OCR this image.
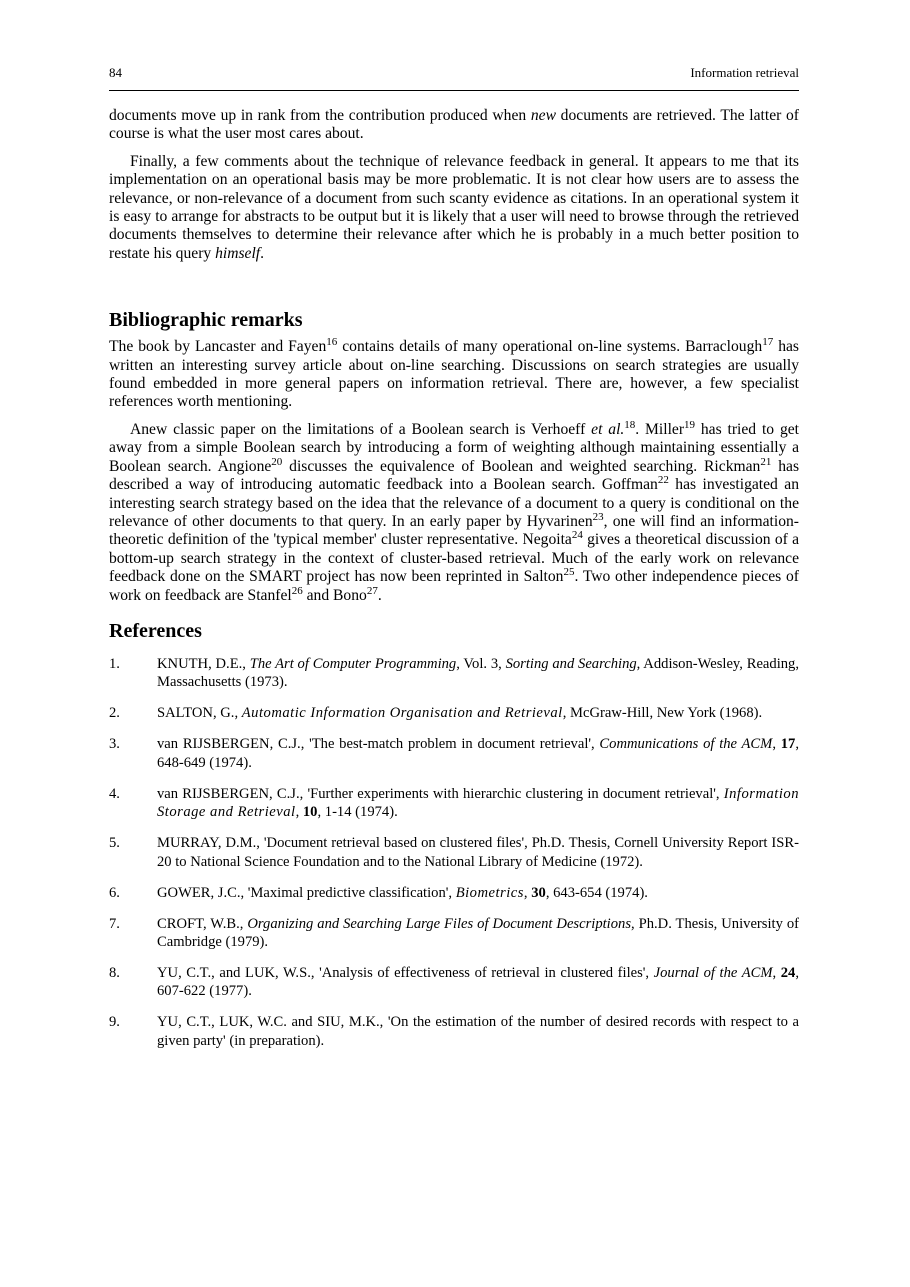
84	Information retrieval

documents move up in rank from the contribution produced when new documents are retrieved. The latter of course is what the user most cares about.

Finally, a few comments about the technique of relevance feedback in general. It appears to me that its implementation on an operational basis may be more problematic. It is not clear how users are to assess the relevance, or non-relevance of a document from such scanty evidence as citations. In an operational system it is easy to arrange for abstracts to be output but it is likely that a user will need to browse through the retrieved documents themselves to determine their relevance after which he is probably in a much better position to restate his query himself.

Bibliographic remarks

The book by Lancaster and Fayen$^{16}$ contains details of many operational on-line systems. Barraclough$^{17}$ has written an interesting survey article about on-line searching. Discussions on search strategies are usually found embedded in more general papers on information retrieval. There are, however, a few specialist references worth mentioning.

Anew classic paper on the limitations of a Boolean search is Verhoeff et al.$^{18}$. Miller$^{19}$ has tried to get away from a simple Boolean search by introducing a form of weighting although maintaining essentially a Boolean search. Angione$^{20}$ discusses the equivalence of Boolean and weighted searching. Rickman$^{21}$ has described a way of introducing automatic feedback into a Boolean search. Goffman$^{22}$ has investigated an interesting search strategy based on the idea that the relevance of a document to a query is conditional on the relevance of other documents to that query. In an early paper by Hyvarinen$^{23}$, one will find an information-theoretic definition of the 'typical member' cluster representative. Negoita$^{24}$ gives a theoretical discussion of a bottom-up search strategy in the context of cluster-based retrieval. Much of the early work on relevance feedback done on the SMART project has now been reprinted in Salton$^{25}$. Two other independence pieces of work on feedback are Stanfel$^{26}$ and Bono$^{27}$.

References
1.	KNUTH, D.E., The Art of Computer Programming, Vol. 3, Sorting and Searching, Addison-Wesley, Reading, Massachusetts (1973).
2.	SALTON, G., Automatic Information Organisation and Retrieval, McGraw-Hill, New York (1968).
3.	van RIJSBERGEN, C.J., 'The best-match problem in document retrieval', Communications of the ACM, 17, 648-649 (1974).
4.	van RIJSBERGEN, C.J., 'Further experiments with hierarchic clustering in document retrieval', Information Storage and Retrieval, 10, 1-14 (1974).
5.	MURRAY, D.M., 'Document retrieval based on clustered files', Ph.D. Thesis, Cornell University Report ISR-20 to National Science Foundation and to the National Library of Medicine (1972).
6.	GOWER, J.C., 'Maximal predictive classification', Biometrics, 30, 643-654 (1974).
7.	CROFT, W.B., Organizing and Searching Large Files of Document Descriptions, Ph.D. Thesis, University of Cambridge (1979).
8.	YU, C.T., and LUK, W.S., 'Analysis of effectiveness of retrieval in clustered files', Journal of the ACM, 24, 607-622 (1977).
9.	YU, C.T., LUK, W.C. and SIU, M.K., 'On the estimation of the number of desired records with respect to a given party' (in preparation).
